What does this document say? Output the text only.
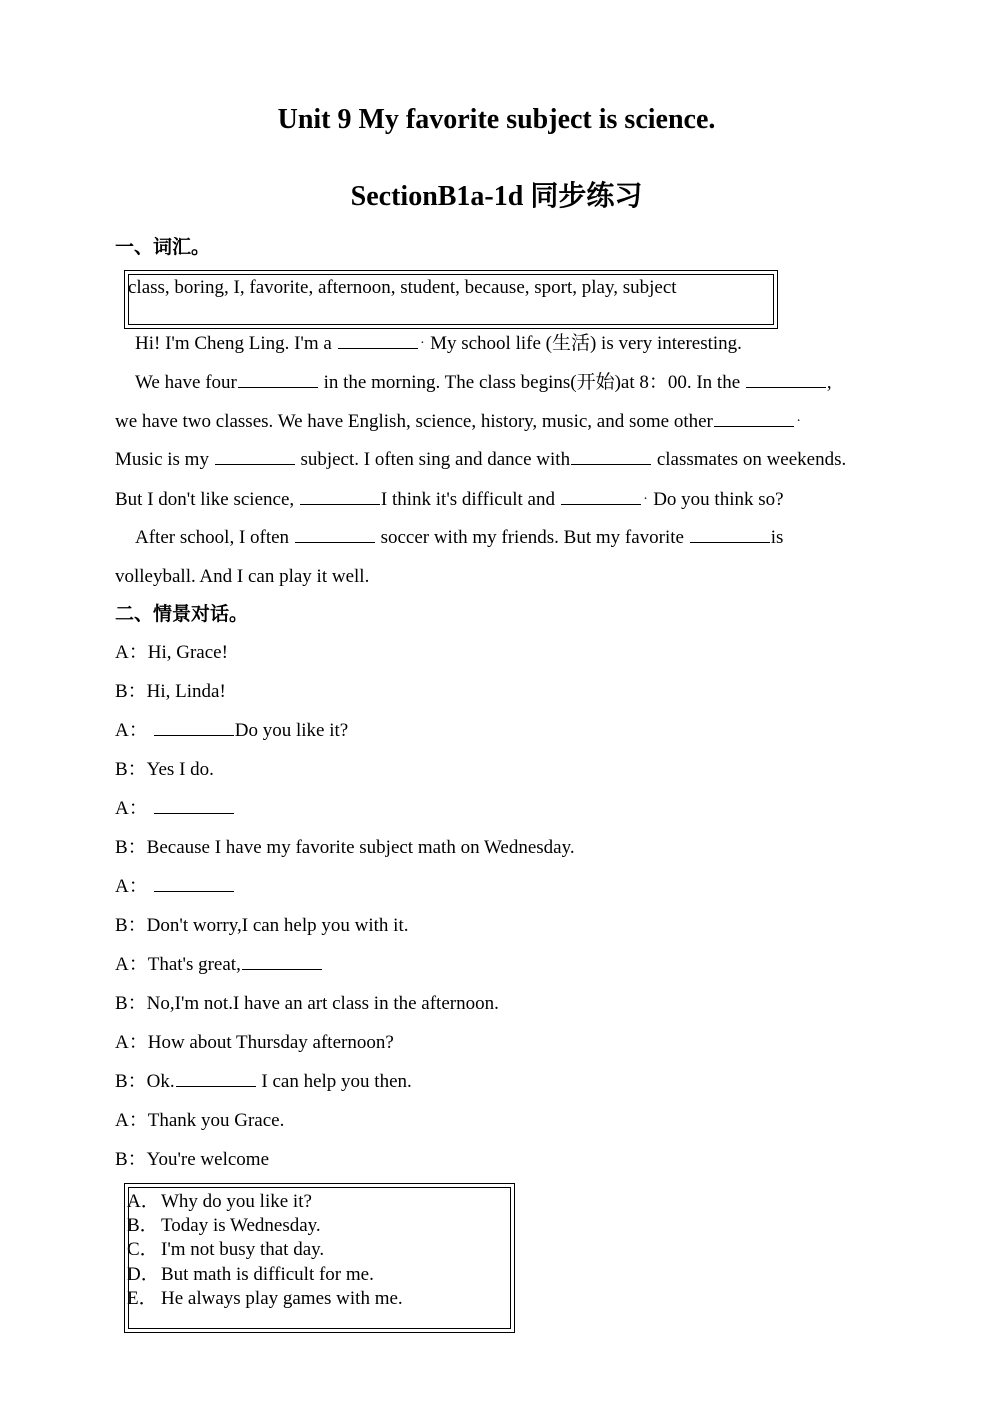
Unit 9 My favorite subject is science.
SectionB1a-1d 同步练习
一、词汇。
class, boring, I, favorite, afternoon, student, because, sport, play, subject
Hi! I'm Cheng Ling. I'm a	. My school life (生活) is very interesting.
We have four	in the morning. The class begins(开始)at 8：00. In the	,
we have two classes. We have English, science, history, music, and some other	.
Music is my	subject. I often sing and dance with	classmates on weekends.
But I don't like science,	I think it's difficult and	. Do you think so?
After school, I often	soccer with my friends. But my favorite	is
volleyball. And I can play it well.
二、情景对话。
A：Hi, Grace!
B：Hi, Linda!
A：	Do you like it?
B：Yes I do.
A：
B：Because I have my favorite subject math on Wednesday.
A：
B：Don't worry,I can help you with it.
A：That's great,
B：No,I'm not.I have an art class in the afternoon.
A：How about Thursday afternoon?
B：Ok.	I can help you then.
A：Thank you Grace.
B：You're welcome
A．Why do you like it?
B． Today is Wednesday.
C． I'm not busy that day.
D．But math is difficult for me.
E． He always play games with me.
